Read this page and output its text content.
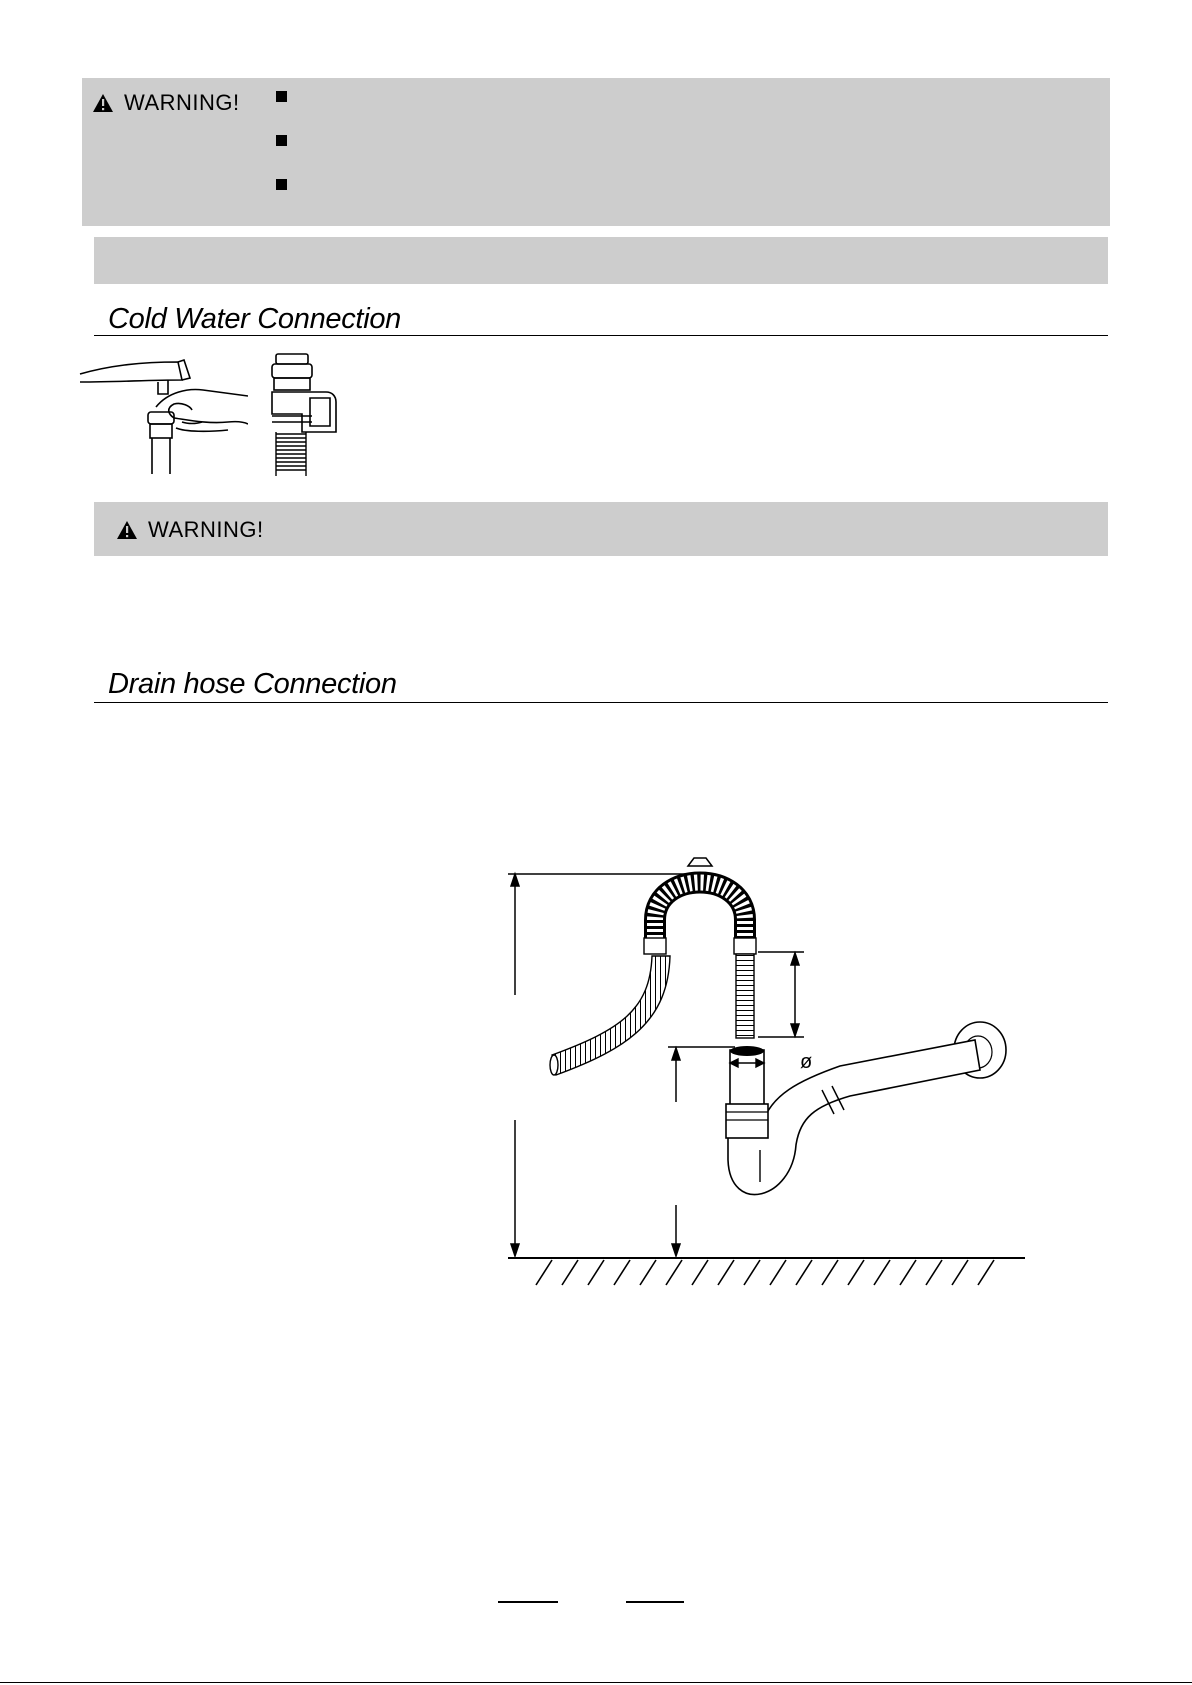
WARNING!
Cold Water Connection
WARNING!
Drain hose Connection
ø
